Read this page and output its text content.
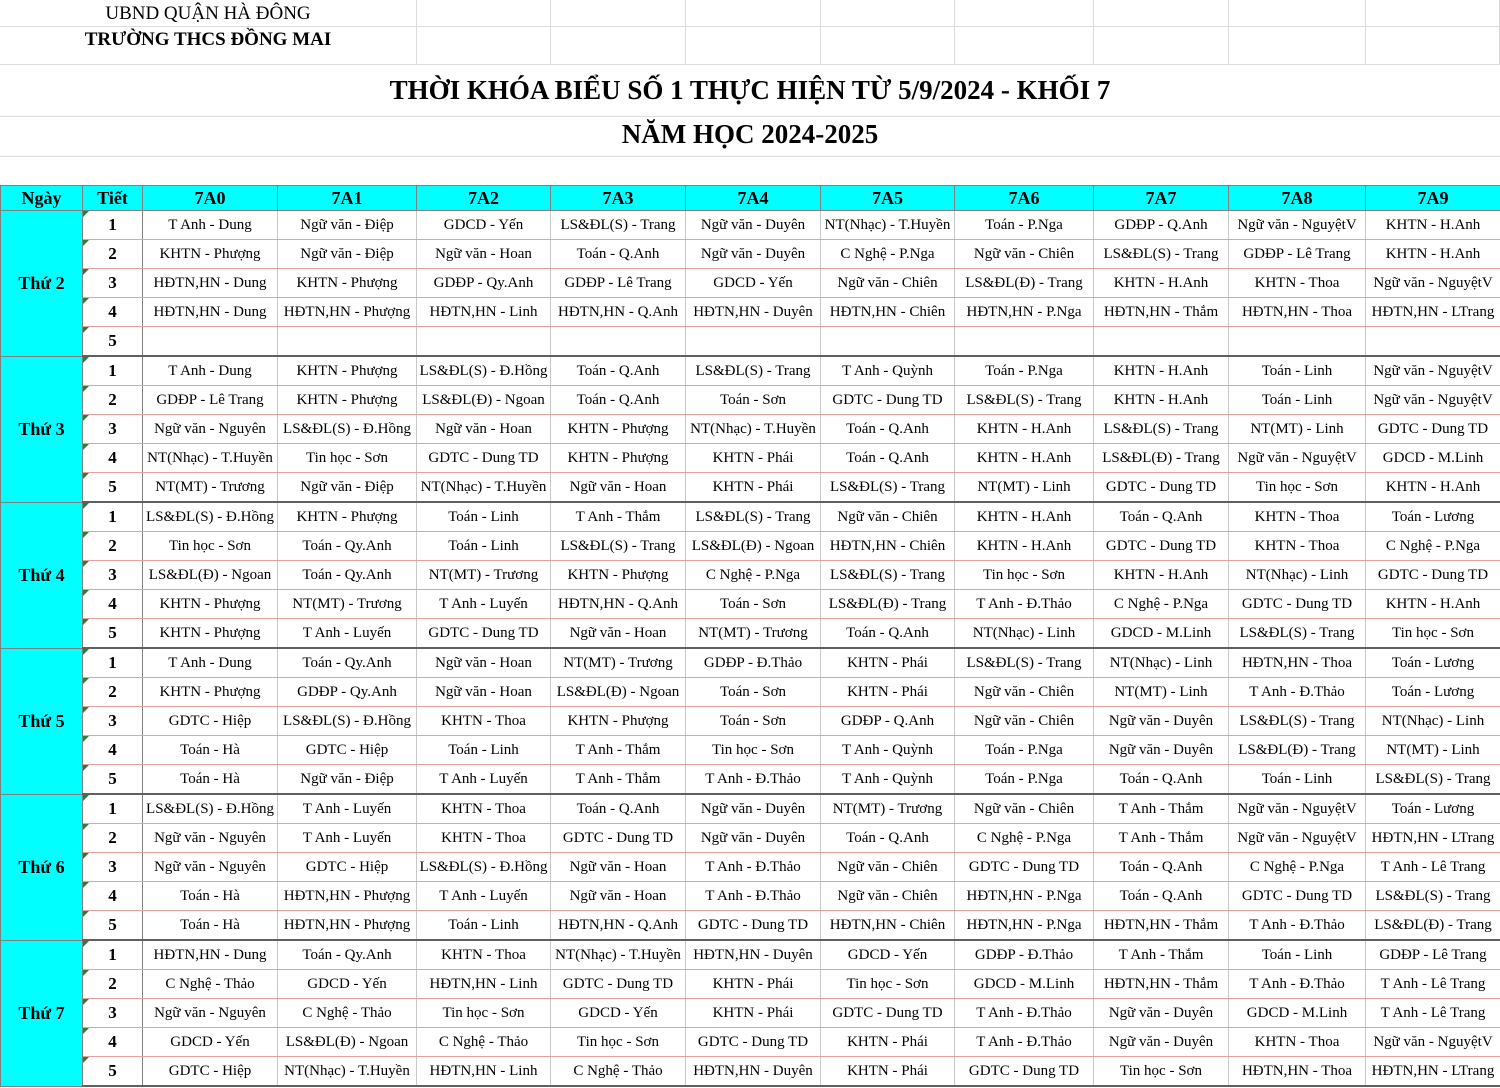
UBND QUẬN HÀ ĐÔNG
TRƯỜNG THCS ĐỒNG MAI
THỜI KHÓA BIỂU SỐ 1 THỰC HIỆN TỪ 5/9/2024 - KHỐI 7
NĂM HỌC 2024-2025
Ngày	Tiết	7A0	7A1	7A2	7A3	7A4	7A5	7A6	7A7	7A8	7A9
Thứ 2	1	T Anh - Dung	Ngữ văn - Điệp	GDCD - Yến	LS&ĐL(S) - Trang	Ngữ văn - Duyên	NT(Nhạc) - T.Huyền	Toán - P.Nga	GDĐP - Q.Anh	Ngữ văn - NguyệtV	KHTN - H.Anh

2	KHTN - Phượng	Ngữ văn - Điệp	Ngữ văn - Hoan	Toán - Q.Anh	Ngữ văn - Duyên	C Nghệ - P.Nga	Ngữ văn - Chiên	LS&ĐL(S) - Trang	GDĐP - Lê Trang	KHTN - H.Anh

3	HĐTN,HN - Dung	KHTN - Phượng	GDĐP - Qy.Anh	GDĐP - Lê Trang	GDCD - Yến	Ngữ văn - Chiên	LS&ĐL(Đ) - Trang	KHTN - H.Anh	KHTN - Thoa	Ngữ văn - NguyệtV

4	HĐTN,HN - Dung	HĐTN,HN - Phượng	HĐTN,HN - Linh	HĐTN,HN - Q.Anh	HĐTN,HN - Duyên	HĐTN,HN - Chiên	HĐTN,HN - P.Nga	HĐTN,HN - Thắm	HĐTN,HN - Thoa	HĐTN,HN - LTrang

5										
Thứ 3	1	T Anh - Dung	KHTN - Phượng	LS&ĐL(S) - Đ.Hồng	Toán - Q.Anh	LS&ĐL(S) - Trang	T Anh - Quỳnh	Toán - P.Nga	KHTN - H.Anh	Toán - Linh	Ngữ văn - NguyệtV

2	GDĐP - Lê Trang	KHTN - Phượng	LS&ĐL(Đ) - Ngoan	Toán - Q.Anh	Toán - Sơn	GDTC - Dung TD	LS&ĐL(S) - Trang	KHTN - H.Anh	Toán - Linh	Ngữ văn - NguyệtV

3	Ngữ văn - Nguyên	LS&ĐL(S) - Đ.Hồng	Ngữ văn - Hoan	KHTN - Phượng	NT(Nhạc) - T.Huyền	Toán - Q.Anh	KHTN - H.Anh	LS&ĐL(S) - Trang	NT(MT) - Linh	GDTC - Dung TD

4	NT(Nhạc) - T.Huyền	Tin học - Sơn	GDTC - Dung TD	KHTN - Phượng	KHTN - Phái	Toán - Q.Anh	KHTN - H.Anh	LS&ĐL(Đ) - Trang	Ngữ văn - NguyệtV	GDCD - M.Linh

5	NT(MT) - Trương	Ngữ văn - Điệp	NT(Nhạc) - T.Huyền	Ngữ văn - Hoan	KHTN - Phái	LS&ĐL(S) - Trang	NT(MT) - Linh	GDTC - Dung TD	Tin học - Sơn	KHTN - H.Anh
Thứ 4	1	LS&ĐL(S) - Đ.Hồng	KHTN - Phượng	Toán - Linh	T Anh - Thắm	LS&ĐL(S) - Trang	Ngữ văn - Chiên	KHTN - H.Anh	Toán - Q.Anh	KHTN - Thoa	Toán - Lương

2	Tin học - Sơn	Toán - Qy.Anh	Toán - Linh	LS&ĐL(S) - Trang	LS&ĐL(Đ) - Ngoan	HĐTN,HN - Chiên	KHTN - H.Anh	GDTC - Dung TD	KHTN - Thoa	C Nghệ - P.Nga

3	LS&ĐL(Đ) - Ngoan	Toán - Qy.Anh	NT(MT) - Trương	KHTN - Phượng	C Nghệ - P.Nga	LS&ĐL(S) - Trang	Tin học - Sơn	KHTN - H.Anh	NT(Nhạc) - Linh	GDTC - Dung TD

4	KHTN - Phượng	NT(MT) - Trương	T Anh - Luyến	HĐTN,HN - Q.Anh	Toán - Sơn	LS&ĐL(Đ) - Trang	T Anh - Đ.Thảo	C Nghệ - P.Nga	GDTC - Dung TD	KHTN - H.Anh

5	KHTN - Phượng	T Anh - Luyến	GDTC - Dung TD	Ngữ văn - Hoan	NT(MT) - Trương	Toán - Q.Anh	NT(Nhạc) - Linh	GDCD - M.Linh	LS&ĐL(S) - Trang	Tin học - Sơn
Thứ 5	1	T Anh - Dung	Toán - Qy.Anh	Ngữ văn - Hoan	NT(MT) - Trương	GDĐP - Đ.Thảo	KHTN - Phái	LS&ĐL(S) - Trang	NT(Nhạc) - Linh	HĐTN,HN - Thoa	Toán - Lương

2	KHTN - Phượng	GDĐP - Qy.Anh	Ngữ văn - Hoan	LS&ĐL(Đ) - Ngoan	Toán - Sơn	KHTN - Phái	Ngữ văn - Chiên	NT(MT) - Linh	T Anh - Đ.Thảo	Toán - Lương

3	GDTC - Hiệp	LS&ĐL(S) - Đ.Hồng	KHTN - Thoa	KHTN - Phượng	Toán - Sơn	GDĐP - Q.Anh	Ngữ văn - Chiên	Ngữ văn - Duyên	LS&ĐL(S) - Trang	NT(Nhạc) - Linh

4	Toán - Hà	GDTC - Hiệp	Toán - Linh	T Anh - Thắm	Tin học - Sơn	T Anh - Quỳnh	Toán - P.Nga	Ngữ văn - Duyên	LS&ĐL(Đ) - Trang	NT(MT) - Linh

5	Toán - Hà	Ngữ văn - Điệp	T Anh - Luyến	T Anh - Thắm	T Anh - Đ.Thảo	T Anh - Quỳnh	Toán - P.Nga	Toán - Q.Anh	Toán - Linh	LS&ĐL(S) - Trang
Thứ 6	1	LS&ĐL(S) - Đ.Hồng	T Anh - Luyến	KHTN - Thoa	Toán - Q.Anh	Ngữ văn - Duyên	NT(MT) - Trương	Ngữ văn - Chiên	T Anh - Thắm	Ngữ văn - NguyệtV	Toán - Lương

2	Ngữ văn - Nguyên	T Anh - Luyến	KHTN - Thoa	GDTC - Dung TD	Ngữ văn - Duyên	Toán - Q.Anh	C Nghệ - P.Nga	T Anh - Thắm	Ngữ văn - NguyệtV	HĐTN,HN - LTrang

3	Ngữ văn - Nguyên	GDTC - Hiệp	LS&ĐL(S) - Đ.Hồng	Ngữ văn - Hoan	T Anh - Đ.Thảo	Ngữ văn - Chiên	GDTC - Dung TD	Toán - Q.Anh	C Nghệ - P.Nga	T Anh - Lê Trang

4	Toán - Hà	HĐTN,HN - Phượng	T Anh - Luyến	Ngữ văn - Hoan	T Anh - Đ.Thảo	Ngữ văn - Chiên	HĐTN,HN - P.Nga	Toán - Q.Anh	GDTC - Dung TD	LS&ĐL(S) - Trang

5	Toán - Hà	HĐTN,HN - Phượng	Toán - Linh	HĐTN,HN - Q.Anh	GDTC - Dung TD	HĐTN,HN - Chiên	HĐTN,HN - P.Nga	HĐTN,HN - Thắm	T Anh - Đ.Thảo	LS&ĐL(Đ) - Trang
Thứ 7	1	HĐTN,HN - Dung	Toán - Qy.Anh	KHTN - Thoa	NT(Nhạc) - T.Huyền	HĐTN,HN - Duyên	GDCD - Yến	GDĐP - Đ.Thảo	T Anh - Thắm	Toán - Linh	GDĐP - Lê Trang

2	C Nghệ - Thảo	GDCD - Yến	HĐTN,HN - Linh	GDTC - Dung TD	KHTN - Phái	Tin học - Sơn	GDCD - M.Linh	HĐTN,HN - Thắm	T Anh - Đ.Thảo	T Anh - Lê Trang

3	Ngữ văn - Nguyên	C Nghệ - Thảo	Tin học - Sơn	GDCD - Yến	KHTN - Phái	GDTC - Dung TD	T Anh - Đ.Thảo	Ngữ văn - Duyên	GDCD - M.Linh	T Anh - Lê Trang

4	GDCD - Yến	LS&ĐL(Đ) - Ngoan	C Nghệ - Thảo	Tin học - Sơn	GDTC - Dung TD	KHTN - Phái	T Anh - Đ.Thảo	Ngữ văn - Duyên	KHTN - Thoa	Ngữ văn - NguyệtV

5	GDTC - Hiệp	NT(Nhạc) - T.Huyền	HĐTN,HN - Linh	C Nghệ - Thảo	HĐTN,HN - Duyên	KHTN - Phái	GDTC - Dung TD	Tin học - Sơn	HĐTN,HN - Thoa	HĐTN,HN - LTrang
